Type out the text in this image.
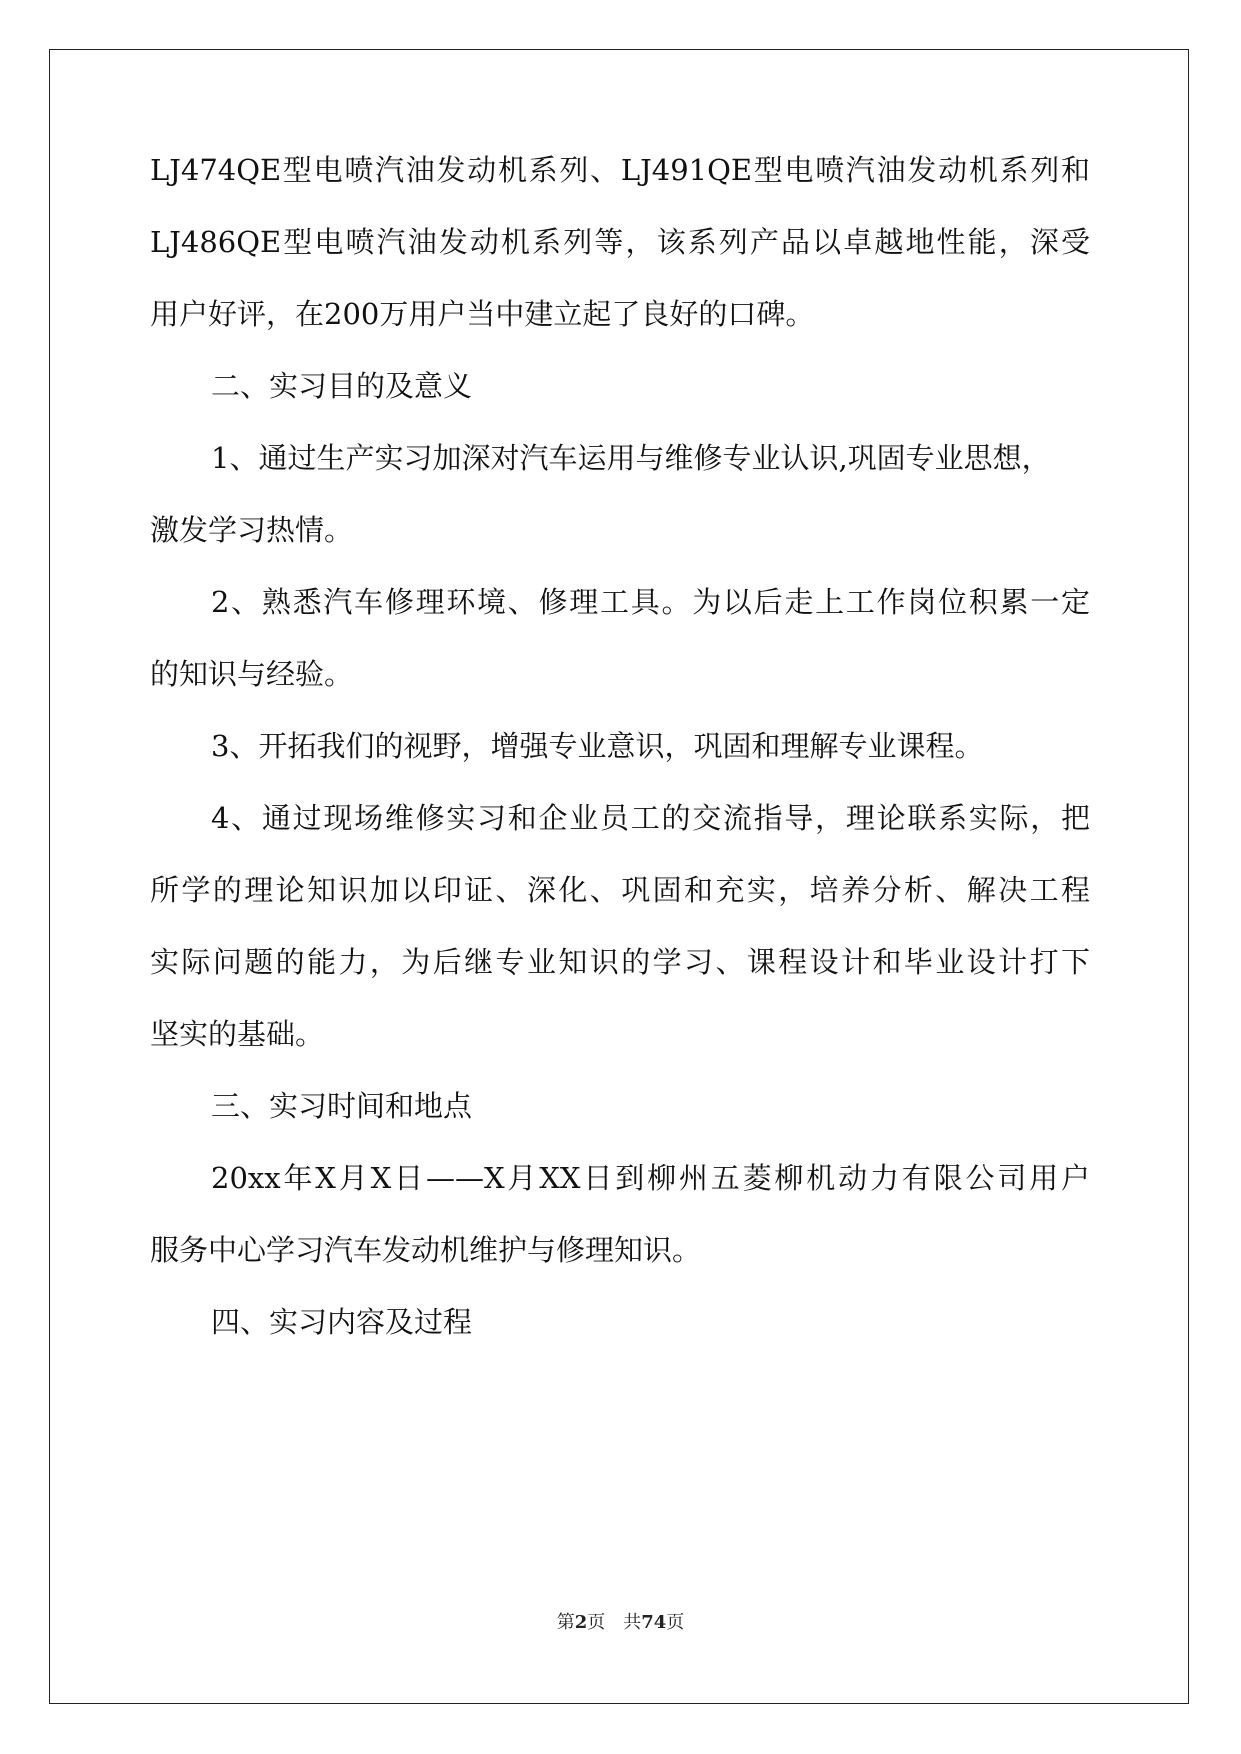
LJ474QE型电喷汽油发动机系列、LJ491QE型电喷汽油发动机系列和

LJ486QE型电喷汽油发动机系列等，该系列产品以卓越地性能，深受

用户好评，在200万用户当中建立起了良好的口碑。

二、实习目的及意义

1、通过生产实习加深对汽车运用与维修专业认识,巩固专业思想，

激发学习热情。

2、熟悉汽车修理环境、修理工具。为以后走上工作岗位积累一定

的知识与经验。

3、开拓我们的视野，增强专业意识，巩固和理解专业课程。

4、通过现场维修实习和企业员工的交流指导，理论联系实际，把

所学的理论知识加以印证、深化、巩固和充实，培养分析、解决工程

实际问题的能力，为后继专业知识的学习、课程设计和毕业设计打下

坚实的基础。

三、实习时间和地点

20xx年X月X日——X月XX日到柳州五菱柳机动力有限公司用户

服务中心学习汽车发动机维护与修理知识。

四、实习内容及过程

第2页　共74页
